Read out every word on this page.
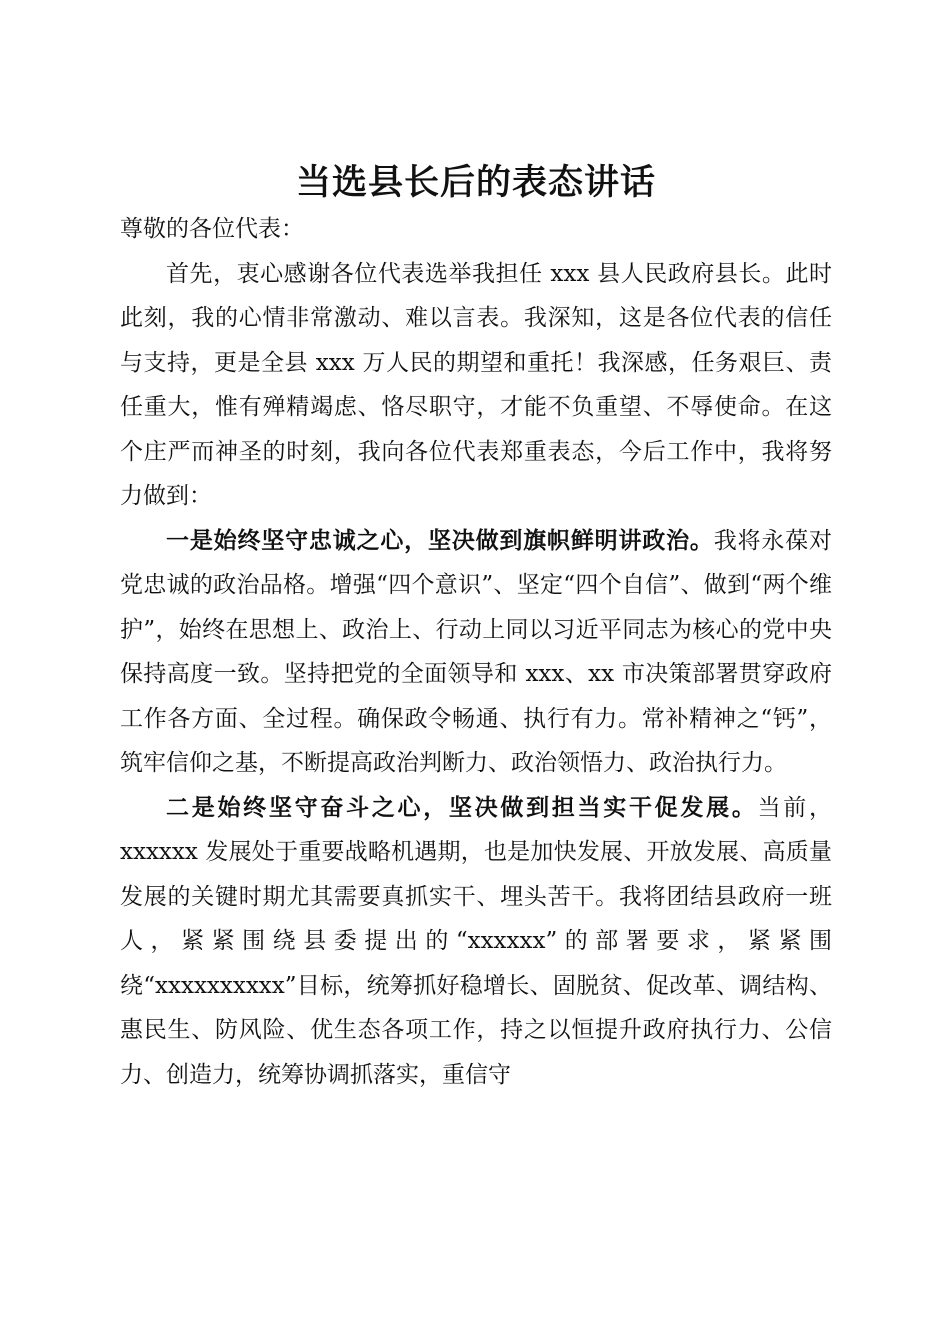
当选县长后的表态讲话

尊敬的各位代表：

首先，衷心感谢各位代表选举我担任 xxx 县人民政府县长。此时此刻，我的心情非常激动、难以言表。我深知，这是各位代表的信任与支持，更是全县 xxx 万人民的期望和重托！我深感，任务艰巨、责任重大，惟有殚精竭虑、恪尽职守，才能不负重望、不辱使命。在这个庄严而神圣的时刻，我向各位代表郑重表态，今后工作中，我将努力做到：

一是始终坚守忠诚之心，坚决做到旗帜鲜明讲政治。我将永葆对党忠诚的政治品格。增强“四个意识”、坚定“四个自信”、做到“两个维护”，始终在思想上、政治上、行动上同以习近平同志为核心的党中央保持高度一致。坚持把党的全面领导和 xxx、xx 市决策部署贯穿政府工作各方面、全过程。确保政令畅通、执行有力。常补精神之“钙”，筑牢信仰之基，不断提高政治判断力、政治领悟力、政治执行力。

二是始终坚守奋斗之心，坚决做到担当实干促发展。当前，xxxxxx 发展处于重要战略机遇期，也是加快发展、开放发展、高质量发展的关键时期尤其需要真抓实干、埋头苦干。我将团结县政府一班人，紧紧围绕县委提出的“xxxxxx”的部署要求，紧紧围绕“xxxxxxxxxx”目标，统筹抓好稳增长、固脱贫、促改革、调结构、惠民生、防风险、优生态各项工作，持之以恒提升政府执行力、公信力、创造力，统筹协调抓落实，重信守
